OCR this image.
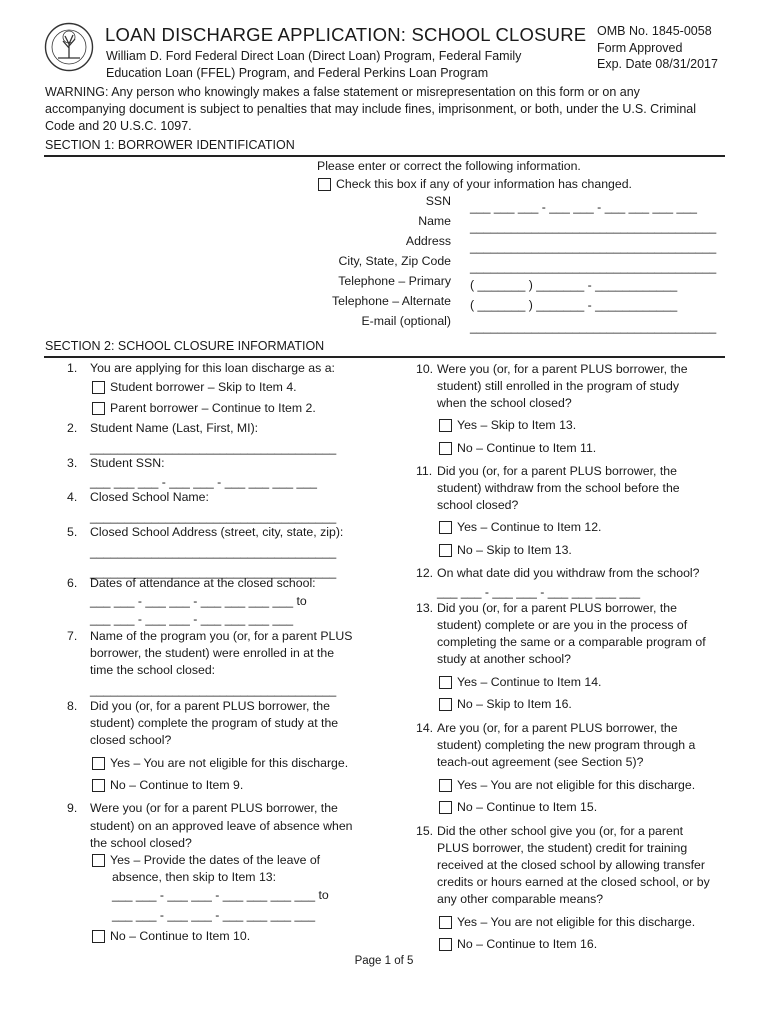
LOAN DISCHARGE APPLICATION: SCHOOL CLOSURE
William D. Ford Federal Direct Loan (Direct Loan) Program, Federal Family
Education Loan (FFEL) Program, and Federal Perkins Loan Program
OMB No. 1845-0058
Form Approved
Exp. Date 08/31/2017
WARNING: Any person who knowingly makes a false statement or misrepresentation on this form or on any
accompanying document is subject to penalties that may include fines, imprisonment, or both, under the U.S. Criminal
Code and 20 U.S.C. 1097.
SECTION 1: BORROWER IDENTIFICATION
Please enter or correct the following information.
Check this box if any of your information has changed.
SSN ___ ___ ___ - ___ ___ - ___ ___ ___ ___
Name ____________________________________
Address ____________________________________
City, State, Zip Code ____________________________________
Telephone – Primary ( _______ ) _______ - ____________
Telephone – Alternate ( _______ ) _______ - ____________
E-mail (optional) ____________________________________
SECTION 2: SCHOOL CLOSURE INFORMATION
1. You are applying for this loan discharge as a:
Student borrower – Skip to Item 4.
Parent borrower – Continue to Item 2.
2. Student Name (Last, First, MI):
____________________________________
3. Student SSN:
___ ___ ___ - ___ ___ - ___ ___ ___ ___
4. Closed School Name:
____________________________________
5. Closed School Address (street, city, state, zip):
____________________________________
____________________________________
6. Dates of attendance at the closed school:
___ ___ - ___ ___ - ___ ___ ___ ___ to
___ ___ - ___ ___ - ___ ___ ___ ___
7. Name of the program you (or, for a parent PLUS
borrower, the student) were enrolled in at the
time the school closed:
____________________________________
8. Did you (or, for a parent PLUS borrower, the
student) complete the program of study at the
closed school?
Yes – You are not eligible for this discharge.
No – Continue to Item 9.
9. Were you (or for a parent PLUS borrower, the
student) on an approved leave of absence when
the school closed?
Yes – Provide the dates of the leave of
absence, then skip to Item 13:
___ ___ - ___ ___ - ___ ___ ___ ___ to
___ ___ - ___ ___ - ___ ___ ___ ___
No – Continue to Item 10.
10. Were you (or, for a parent PLUS borrower, the
student) still enrolled in the program of study
when the school closed?
Yes – Skip to Item 13.
No – Continue to Item 11.
11. Did you (or, for a parent PLUS borrower, the
student) withdraw from the school before the
school closed?
Yes – Continue to Item 12.
No – Skip to Item 13.
12. On what date did you withdraw from the school?
___ ___ - ___ ___ - ___ ___ ___ ___
13. Did you (or, for a parent PLUS borrower, the
student) complete or are you in the process of
completing the same or a comparable program of
study at another school?
Yes – Continue to Item 14.
No – Skip to Item 16.
14. Are you (or, for a parent PLUS borrower, the
student) completing the new program through a
teach-out agreement (see Section 5)?
Yes – You are not eligible for this discharge.
No – Continue to Item 15.
15. Did the other school give you (or, for a parent
PLUS borrower, the student) credit for training
received at the closed school by allowing transfer
credits or hours earned at the closed school, or by
any other comparable means?
Yes – You are not eligible for this discharge.
No – Continue to Item 16.
Page 1 of 5
